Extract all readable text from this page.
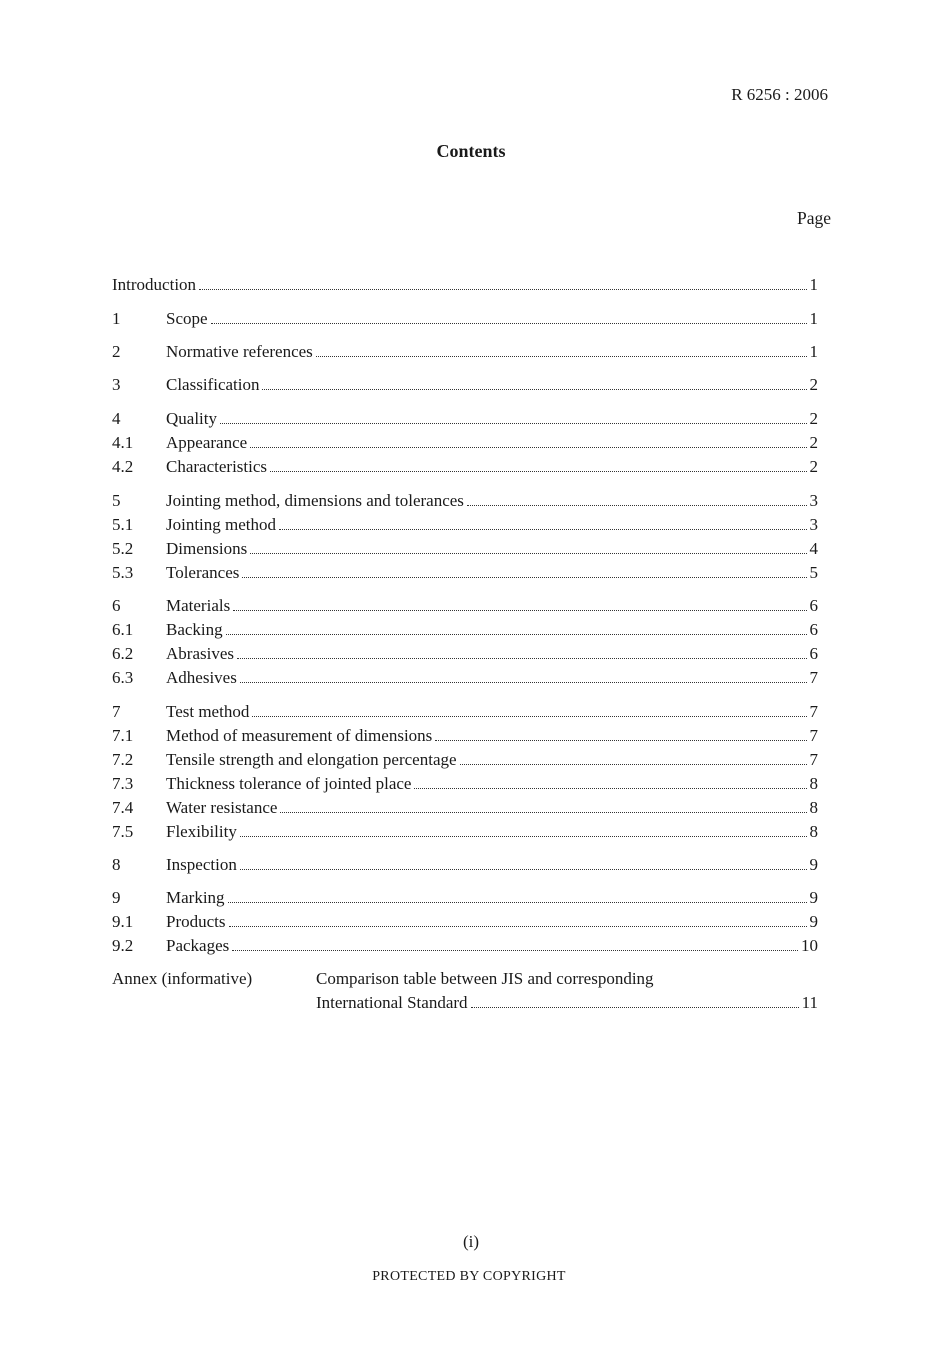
R 6256 : 2006
Contents
Page
Introduction	1
1	Scope	1
2	Normative references	1
3	Classification	2
4	Quality	2
4.1	Appearance	2
4.2	Characteristics	2
5	Jointing method, dimensions and tolerances	3
5.1	Jointing method	3
5.2	Dimensions	4
5.3	Tolerances	5
6	Materials	6
6.1	Backing	6
6.2	Abrasives	6
6.3	Adhesives	7
7	Test method	7
7.1	Method of measurement of dimensions	7
7.2	Tensile strength and elongation percentage	7
7.3	Thickness tolerance of jointed place	8
7.4	Water resistance	8
7.5	Flexibility	8
8	Inspection	9
9	Marking	9
9.1	Products	9
9.2	Packages	10
Annex (informative)	Comparison table between JIS and corresponding
International Standard	11
(i)
PROTECTED BY COPYRIGHT
